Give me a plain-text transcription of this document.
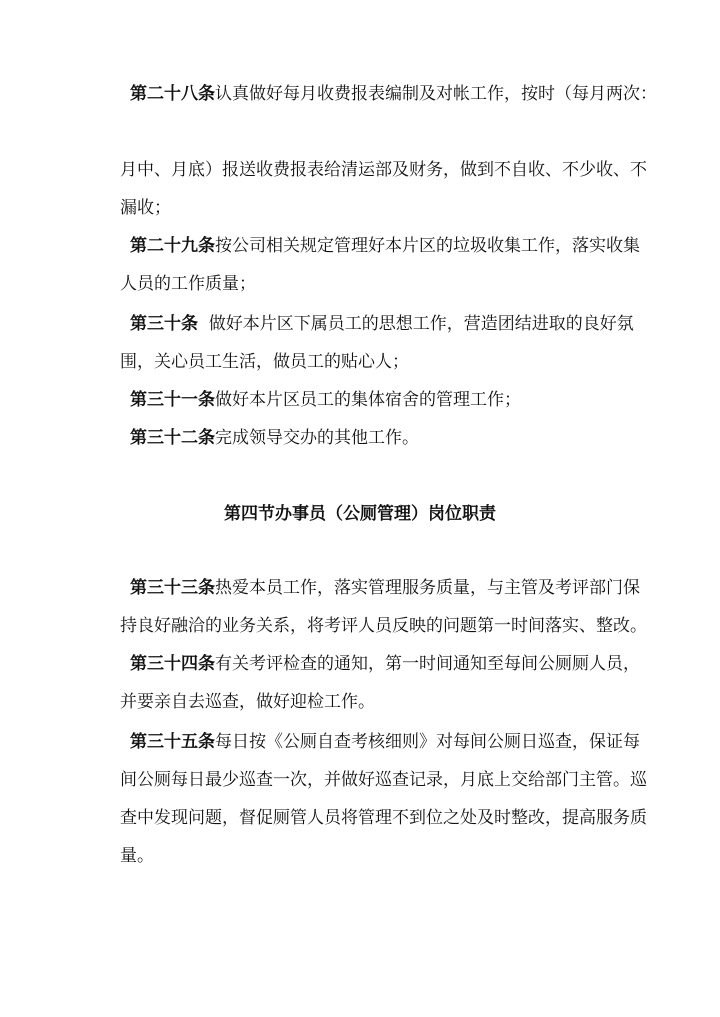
第二十八条认真做好每月收费报表编制及对帐工作，按时（每月两次：
月中、月底）报送收费报表给清运部及财务，做到不自收、不少收、不
漏收；
第二十九条按公司相关规定管理好本片区的垃圾收集工作，落实收集
人员的工作质量；
第三十条  做好本片区下属员工的思想工作，营造团结进取的良好氛
围，关心员工生活，做员工的贴心人；
第三十一条做好本片区员工的集体宿舍的管理工作；
第三十二条完成领导交办的其他工作。
第四节办事员（公厕管理）岗位职责
第三十三条热爱本员工作，落实管理服务质量，与主管及考评部门保
持良好融洽的业务关系，将考评人员反映的问题第一时间落实、整改。
第三十四条有关考评检查的通知，第一时间通知至每间公厕厕人员，
并要亲自去巡查，做好迎检工作。
第三十五条每日按《公厕自查考核细则》对每间公厕日巡查，保证每
间公厕每日最少巡查一次，并做好巡查记录，月底上交给部门主管。巡
查中发现问题，督促厕管人员将管理不到位之处及时整改，提高服务质
量。
